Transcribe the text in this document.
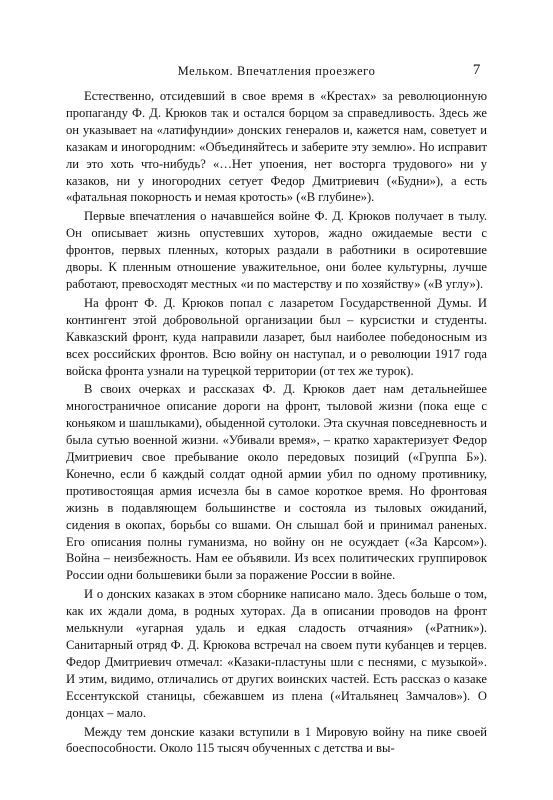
Мельком. Впечатления проезжего	7

Естественно, отсидевший в свое время в «Крестах» за революционную пропаганду Ф. Д. Крюков так и остался борцом за справедливость. Здесь же он указывает на «латифундии» донских генералов и, кажется нам, советует и казакам и иногородним: «Объединяйтесь и заберите эту землю». Но исправит ли это хоть что-нибудь? «…Нет упоения, нет восторга трудового» ни у казаков, ни у иногородних сетует Федор Дмитриевич («Будни»), а есть «фатальная покорность и немая кротость» («В глубине»).

Первые впечатления о начавшейся войне Ф. Д. Крюков получает в тылу. Он описывает жизнь опустевших хуторов, жадно ожидаемые вести с фронтов, первых пленных, которых раздали в работники в осиротевшие дворы. К пленным отношение уважительное, они более культурны, лучше работают, превосходят местных «и по мастерству и по хозяйству» («В углу»).

На фронт Ф. Д. Крюков попал с лазаретом Государственной Думы. И контингент этой добровольной организации был – курсистки и студенты. Кавказский фронт, куда направили лазарет, был наиболее победоносным из всех российских фронтов. Всю войну он наступал, и о революции 1917 года войска фронта узнали на турецкой территории (от тех же турок).

В своих очерках и рассказах Ф. Д. Крюков дает нам детальнейшее многостраничное описание дороги на фронт, тыловой жизни (пока еще с коньяком и шашлыками), обыденной сутолоки. Эта скучная повседневность и была сутью военной жизни. «Убивали время», – кратко характеризует Федор Дмитриевич свое пребывание около передовых позиций («Группа Б»). Конечно, если б каждый солдат одной армии убил по одному противнику, противостоящая армия исчезла бы в самое короткое время. Но фронтовая жизнь в подавляющем большинстве и состояла из тыловых ожиданий, сидения в окопах, борьбы со вшами. Он слышал бой и принимал раненых. Его описания полны гуманизма, но войну он не осуждает («За Карсом»). Война – неизбежность. Нам ее объявили. Из всех политических группировок России одни большевики были за поражение России в войне.

И о донских казаках в этом сборнике написано мало. Здесь больше о том, как их ждали дома, в родных хуторах. Да в описании проводов на фронт мелькнули «угарная удаль и едкая сладость отчаяния» («Ратник»). Санитарный отряд Ф. Д. Крюкова встречал на своем пути кубанцев и терцев. Федор Дмитриевич отмечал: «Казаки-пластуны шли с песнями, с музыкой». И этим, видимо, отличались от других воинских частей. Есть рассказ о казаке Ессентукской станицы, сбежавшем из плена («Итальянец Замчалов»). О донцах – мало.

Между тем донские казаки вступили в 1 Мировую войну на пике своей боеспособности. Около 115 тысяч обученных с детства и вы-
